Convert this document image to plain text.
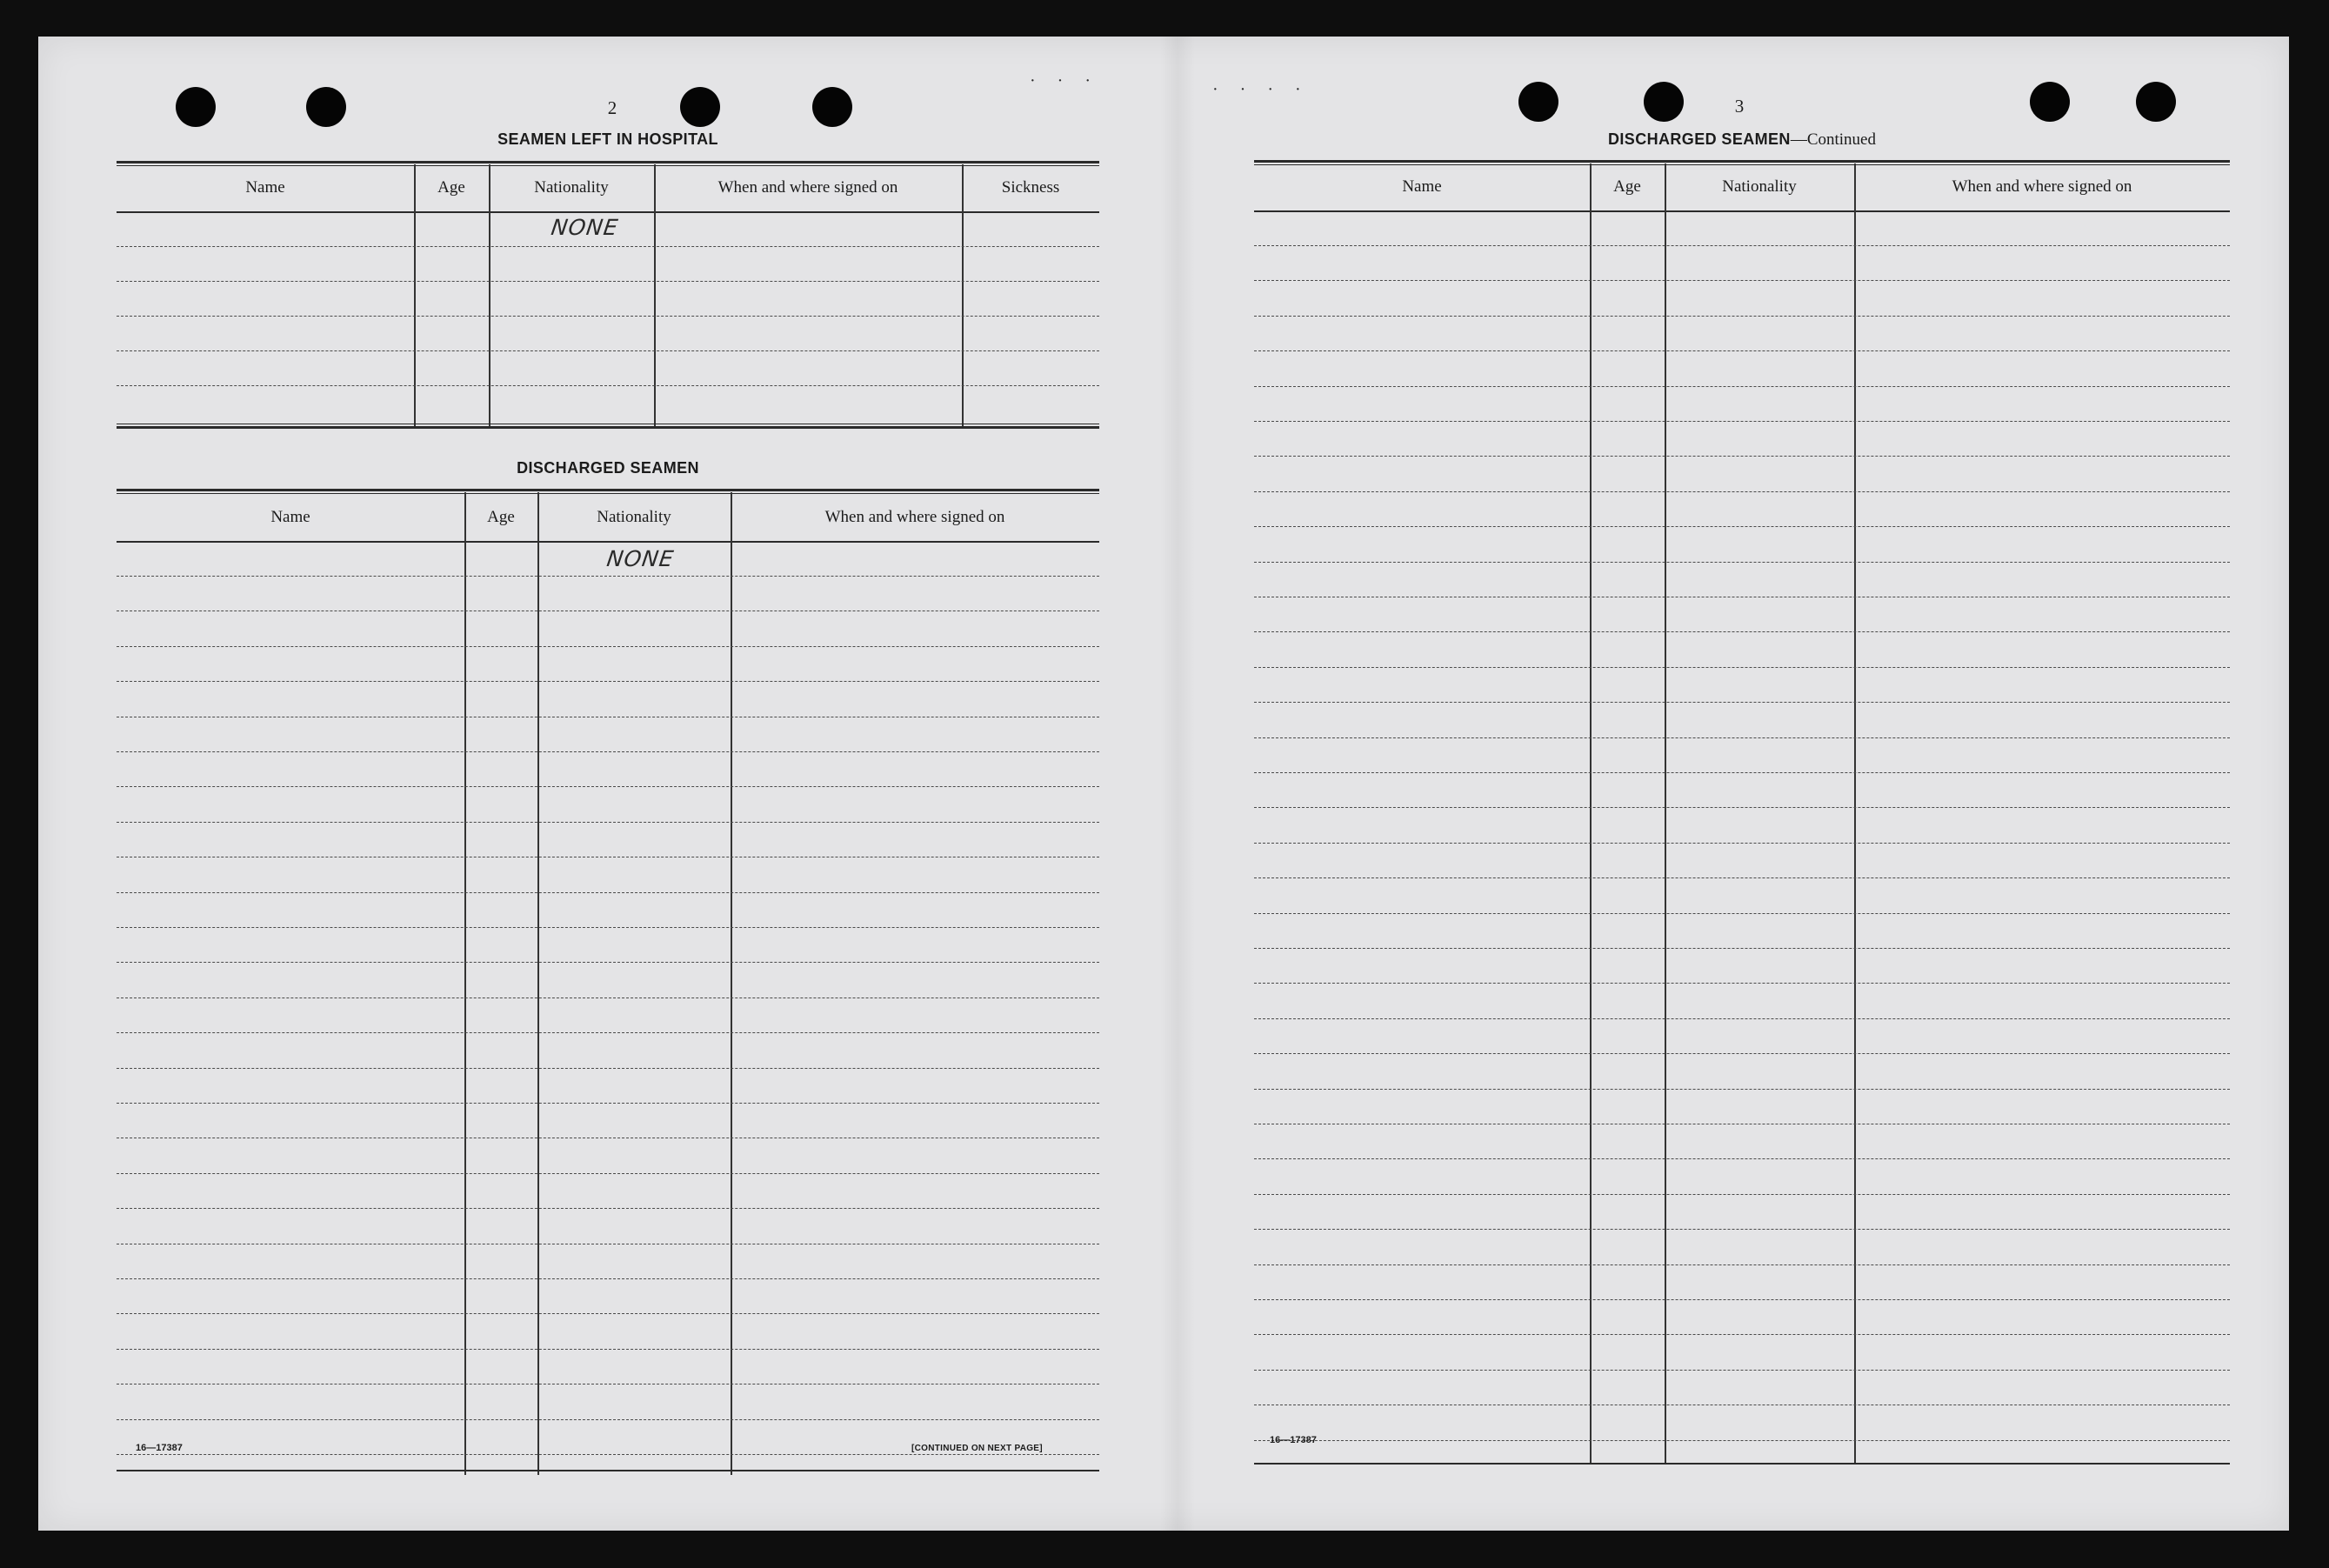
· · ·	· · · ·
2
SEAMEN LEFT IN HOSPITAL
Name	Age	Nationality	When and where signed on	Sickness
NONE
DISCHARGED SEAMEN
Name	Age	Nationality	When and where signed on
NONE
16—17387	[CONTINUED ON NEXT PAGE]
3
DISCHARGED SEAMEN—Continued
Name	Age	Nationality	When and where signed on
16—17387
